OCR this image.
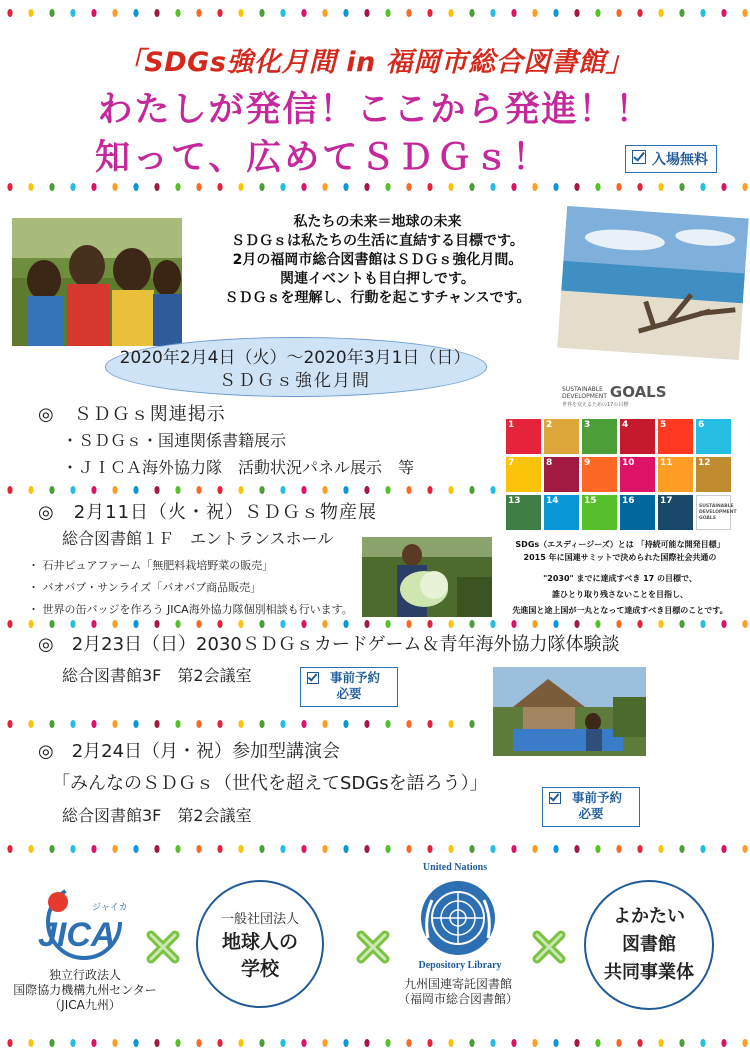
「SDGs強化月間 in 福岡市総合図書館」
わたしが発信！ここから発進！！
知って、広めてＳＤＧｓ！	入場無料
私たちの未来＝地球の未来
ＳＤＧｓは私たちの生活に直結する目標です。
2月の福岡市総合図書館はＳＤＧｓ強化月間。
関連イベントも目白押しです。
ＳＤＧｓを理解し、行動を起こすチャンスです。
2020年2月4日（火）～2020年3月1日（日）
ＳＤＧｓ強化月間
◎　ＳＤＧｓ関連掲示
・ＳＤＧｓ・国連関係書籍展示
・ＪＩＣＡ海外協力隊　活動状況パネル展示　等
SUSTAINABLE
DEVELOPMENT GOALS
世界を変えるための17の目標
1	2	3	4	5	6
7	8	9	10	11	12
13	14	15	16	17
SUSTAINABLE
DEVELOPMENT
GOALS
SDGs（エスディージーズ）とは 「持続可能な開発目標」
2015 年に国連サミットで決められた国際社会共通の
"2030" までに達成すべき 17 の目標で、
誰ひとり取り残さないことを目指し、
先進国と途上国が一丸となって達成すべき目標のことです。
◎　2月11日（火・祝）ＳＤＧｓ物産展
総合図書館１Ｆ　エントランスホール
・ 石井ピュアファーム「無肥料栽培野菜の販売」
・ バオバブ・サンライズ「バオバブ商品販売」
・ 世界の缶バッジを作ろう JICA海外協力隊個別相談も行います。
◎　2月23日（日）2030ＳＤＧｓカードゲーム＆青年海外協力隊体験談
総合図書館3F　第2会議室	事前予約
必要
◎　2月24日（月・祝）参加型講演会
「みんなのＳＤＧｓ（世代を超えてSDGsを語ろう）」
総合図書館3F　第2会議室
事前予約
必要
JICA
ジャイカ
独立行政法人
国際協力機構九州センター
（JICA九州）
一般社団法人
地球人の
学校
United Nations
Depository Library
九州国連寄託図書館
（福岡市総合図書館）
よかたい
図書館
共同事業体
